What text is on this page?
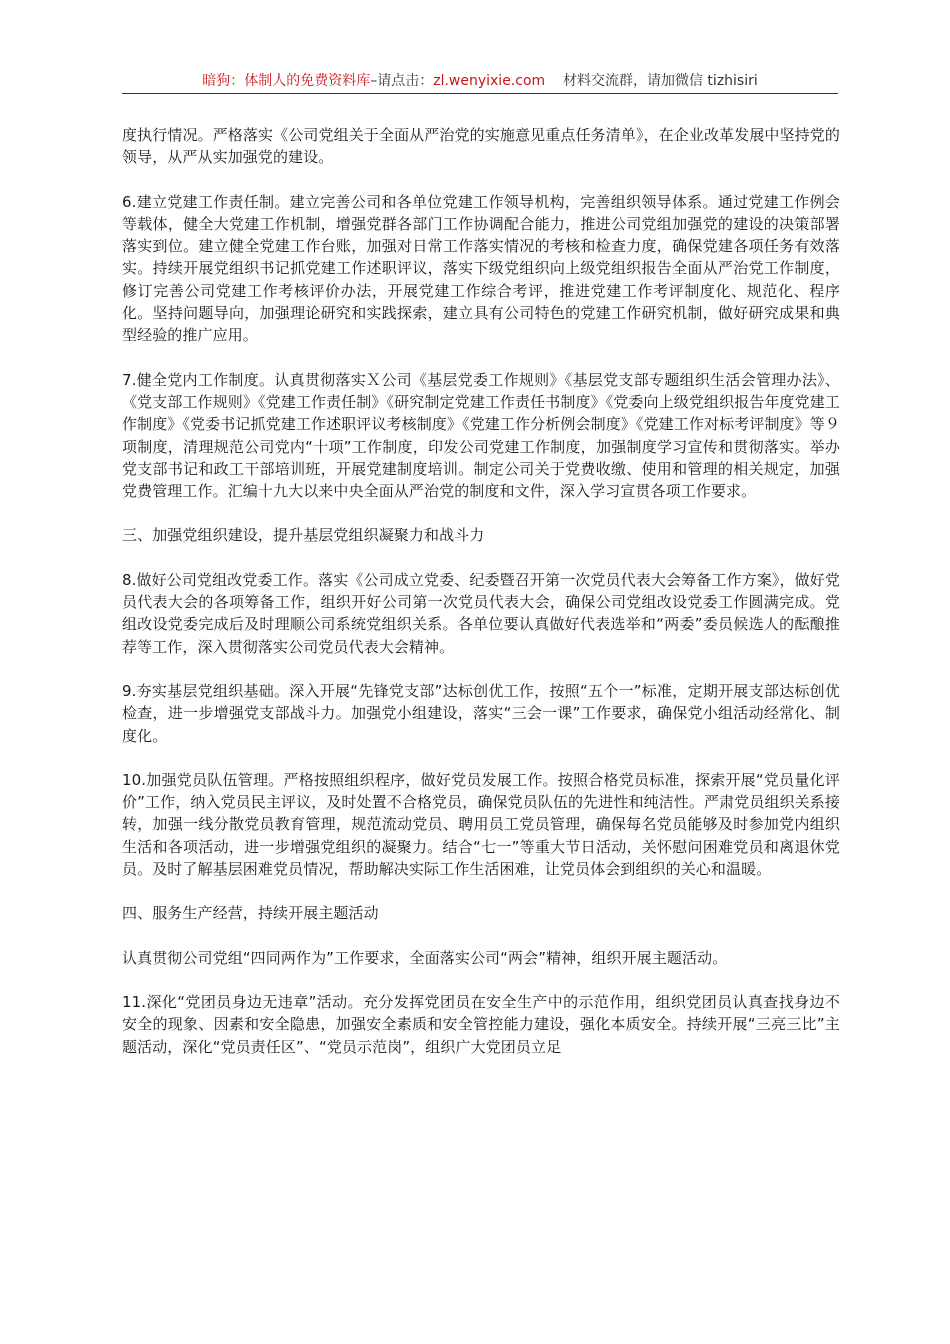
暗狗：体制人的免费资料库–请点击：zl.wenyixie.com 材料交流群，请加微信 tizhisiri

度执行情况。严格落实《公司党组关于全面从严治党的实施意见重点任务清单》，在企业改革发展中坚持党的领导，从严从实加强党的建设。

6.建立党建工作责任制。建立完善公司和各单位党建工作领导机构，完善组织领导体系。通过党建工作例会等载体，健全大党建工作机制，增强党群各部门工作协调配合能力，推进公司党组加强党的建设的决策部署落实到位。建立健全党建工作台账，加强对日常工作落实情况的考核和检查力度，确保党建各项任务有效落实。持续开展党组织书记抓党建工作述职评议，落实下级党组织向上级党组织报告全面从严治党工作制度，修订完善公司党建工作考核评价办法，开展党建工作综合考评，推进党建工作考评制度化、规范化、程序化。坚持问题导向，加强理论研究和实践探索，建立具有公司特色的党建工作研究机制，做好研究成果和典型经验的推广应用。

7.健全党内工作制度。认真贯彻落实Ｘ公司《基层党委工作规则》《基层党支部专题组织生活会管理办法》、《党支部工作规则》《党建工作责任制》《研究制定党建工作责任书制度》《党委向上级党组织报告年度党建工作制度》《党委书记抓党建工作述职评议考核制度》《党建工作分析例会制度》《党建工作对标考评制度》等９项制度，清理规范公司党内“十项”工作制度，印发公司党建工作制度，加强制度学习宣传和贯彻落实。举办党支部书记和政工干部培训班，开展党建制度培训。制定公司关于党费收缴、使用和管理的相关规定，加强党费管理工作。汇编十九大以来中央全面从严治党的制度和文件，深入学习宣贯各项工作要求。

三、加强党组织建设，提升基层党组织凝聚力和战斗力

8.做好公司党组改党委工作。落实《公司成立党委、纪委暨召开第一次党员代表大会筹备工作方案》，做好党员代表大会的各项筹备工作，组织开好公司第一次党员代表大会，确保公司党组改设党委工作圆满完成。党组改设党委完成后及时理顺公司系统党组织关系。各单位要认真做好代表选举和“两委”委员候选人的酝酿推荐等工作，深入贯彻落实公司党员代表大会精神。

9.夯实基层党组织基础。深入开展“先锋党支部”达标创优工作，按照“五个一”标准，定期开展支部达标创优检查，进一步增强党支部战斗力。加强党小组建设，落实“三会一课”工作要求，确保党小组活动经常化、制度化。

10.加强党员队伍管理。严格按照组织程序，做好党员发展工作。按照合格党员标准，探索开展“党员量化评价”工作，纳入党员民主评议，及时处置不合格党员，确保党员队伍的先进性和纯洁性。严肃党员组织关系接转，加强一线分散党员教育管理，规范流动党员、聘用员工党员管理，确保每名党员能够及时参加党内组织生活和各项活动，进一步增强党组织的凝聚力。结合“七一”等重大节日活动，关怀慰问困难党员和离退休党员。及时了解基层困难党员情况，帮助解决实际工作生活困难，让党员体会到组织的关心和温暖。

四、服务生产经营，持续开展主题活动

认真贯彻公司党组“四同两作为”工作要求，全面落实公司“两会”精神，组织开展主题活动。

11.深化“党团员身边无违章”活动。充分发挥党团员在安全生产中的示范作用，组织党团员认真查找身边不安全的现象、因素和安全隐患，加强安全素质和安全管控能力建设，强化本质安全。持续开展“三亮三比”主题活动，深化“党员责任区”、“党员示范岗”，组织广大党团员立足
